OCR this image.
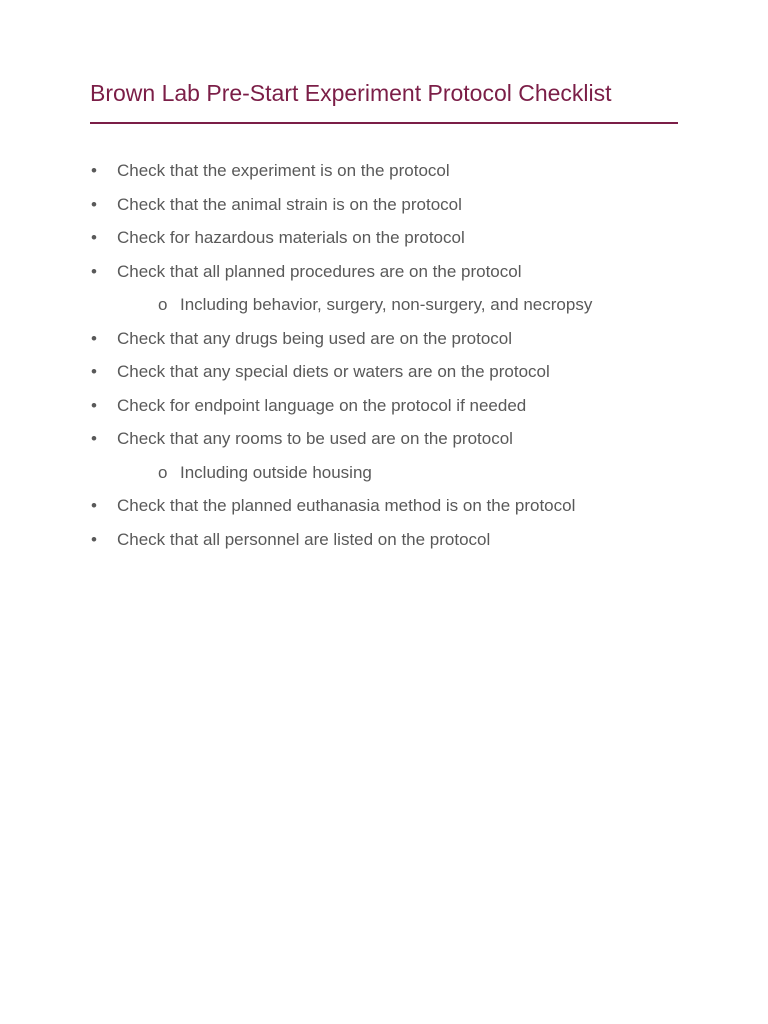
Brown Lab Pre-Start Experiment Protocol Checklist
• Check that the experiment is on the protocol
• Check that the animal strain is on the protocol
• Check for hazardous materials on the protocol
• Check that all planned procedures are on the protocol
o Including behavior, surgery, non-surgery, and necropsy
• Check that any drugs being used are on the protocol
• Check that any special diets or waters are on the protocol
• Check for endpoint language on the protocol if needed
• Check that any rooms to be used are on the protocol
o Including outside housing
• Check that the planned euthanasia method is on the protocol
• Check that all personnel are listed on the protocol
